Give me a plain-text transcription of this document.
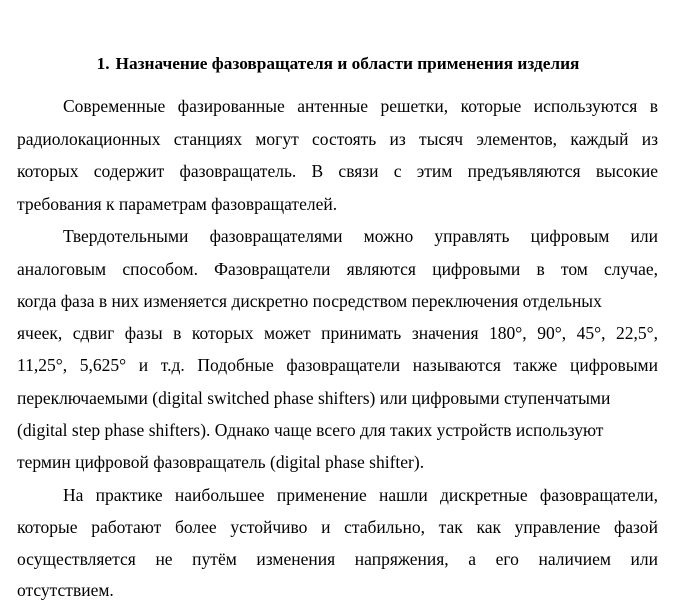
1. Назначение фазовращателя и области применения изделия
Современные фазированные антенные решетки, которые используются в
радиолокационных станциях могут состоять из тысяч элементов, каждый из
которых содержит фазовращатель. В связи с этим предъявляются высокие
требования к параметрам фазовращателей.
Твердотельными фазовращателями можно управлять цифровым или
аналоговым способом. Фазовращатели являются цифровыми в том случае,
когда фаза в них изменяется дискретно посредством переключения отдельных
ячеек, сдвиг фазы в которых может принимать значения 180°, 90°, 45°, 22,5°,
11,25°, 5,625° и т.д. Подобные фазовращатели называются также цифровыми
переключаемыми (digital switched phase shifters) или цифровыми ступенчатыми
(digital step phase shifters). Однако чаще всего для таких устройств используют
термин цифровой фазовращатель (digital phase shifter).
На практике наибольшее применение нашли дискретные фазовращатели,
которые работают более устойчиво и стабильно, так как управление фазой
осуществляется не путём изменения напряжения, а его наличием или
отсутствием.
